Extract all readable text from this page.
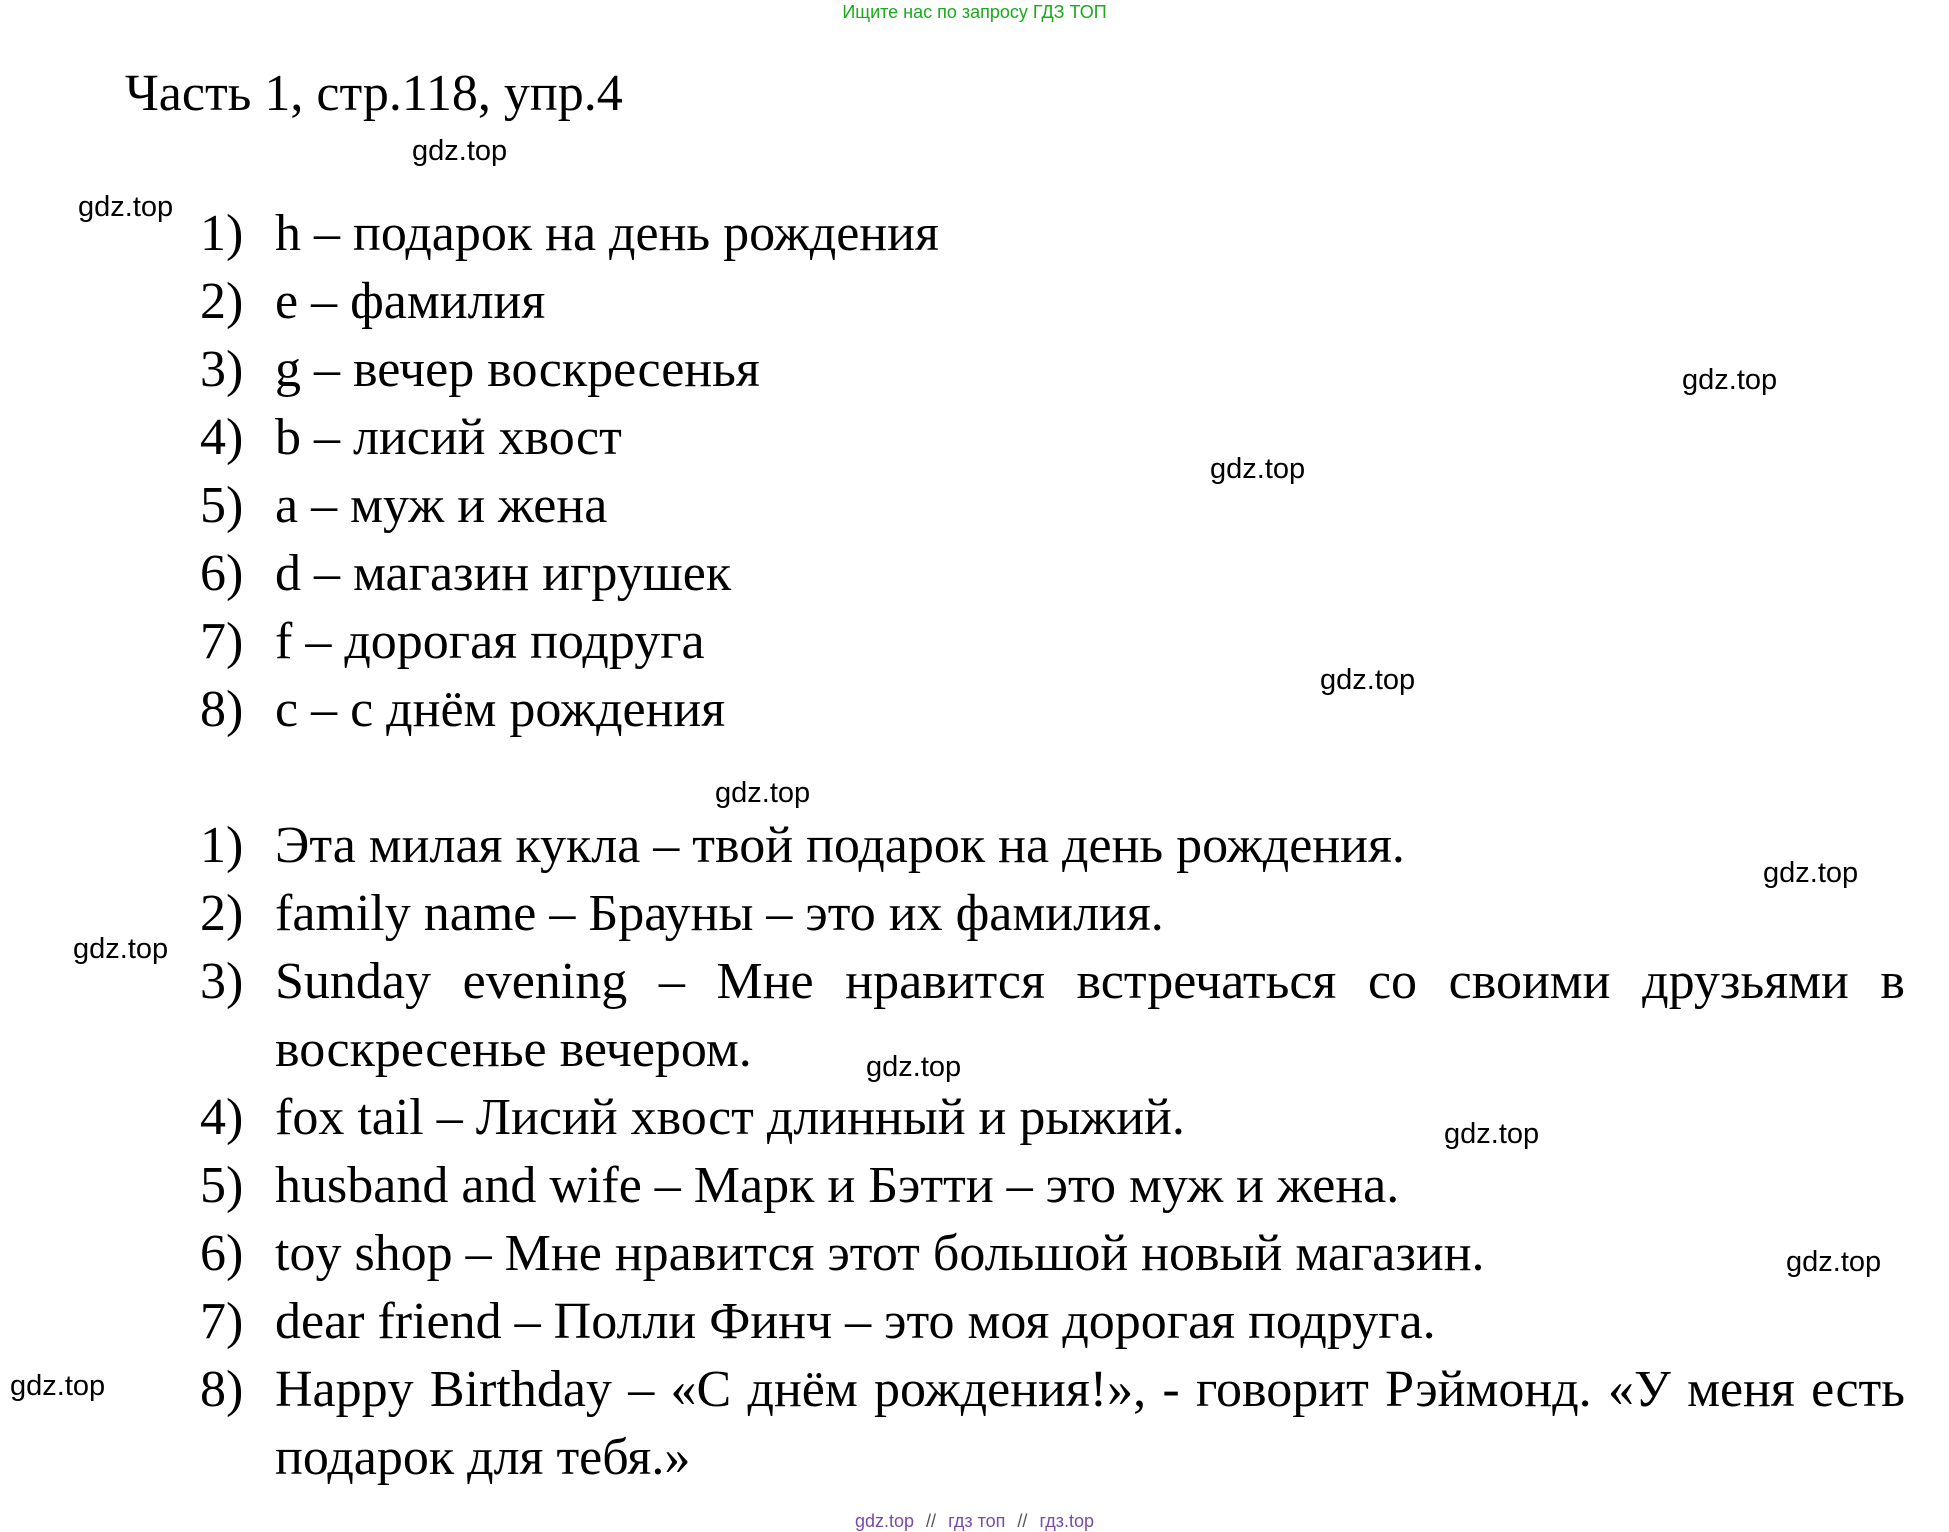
Ищите нас по запросу ГДЗ ТОП
Часть 1, стр.118, упр.4
gdz.top
gdz.top
gdz.top
gdz.top
gdz.top
gdz.top
gdz.top
gdz.top
gdz.top
gdz.top
gdz.top
gdz.top
1) h – подарок на день рождения
2) e – фамилия
3) g – вечер воскресенья
4) b – лисий хвост
5) a – муж и жена
6) d – магазин игрушек
7) f – дорогая подруга
8) c – с днём рождения
1) Эта милая кукла – твой подарок на день рождения.
2) family name – Брауны – это их фамилия.
3) Sunday evening – Мне нравится встречаться со своими друзьями в воскресенье вечером.
4) fox tail – Лисий хвост длинный и рыжий.
5) husband and wife – Марк и Бэтти – это муж и жена.
6) toy shop – Мне нравится этот большой новый магазин.
7) dear friend – Полли Финч – это моя дорогая подруга.
8) Happy Birthday – «С днём рождения!», - говорит Рэймонд. «У меня есть подарок для тебя.»
gdz.top // гдз топ // гдз.top
